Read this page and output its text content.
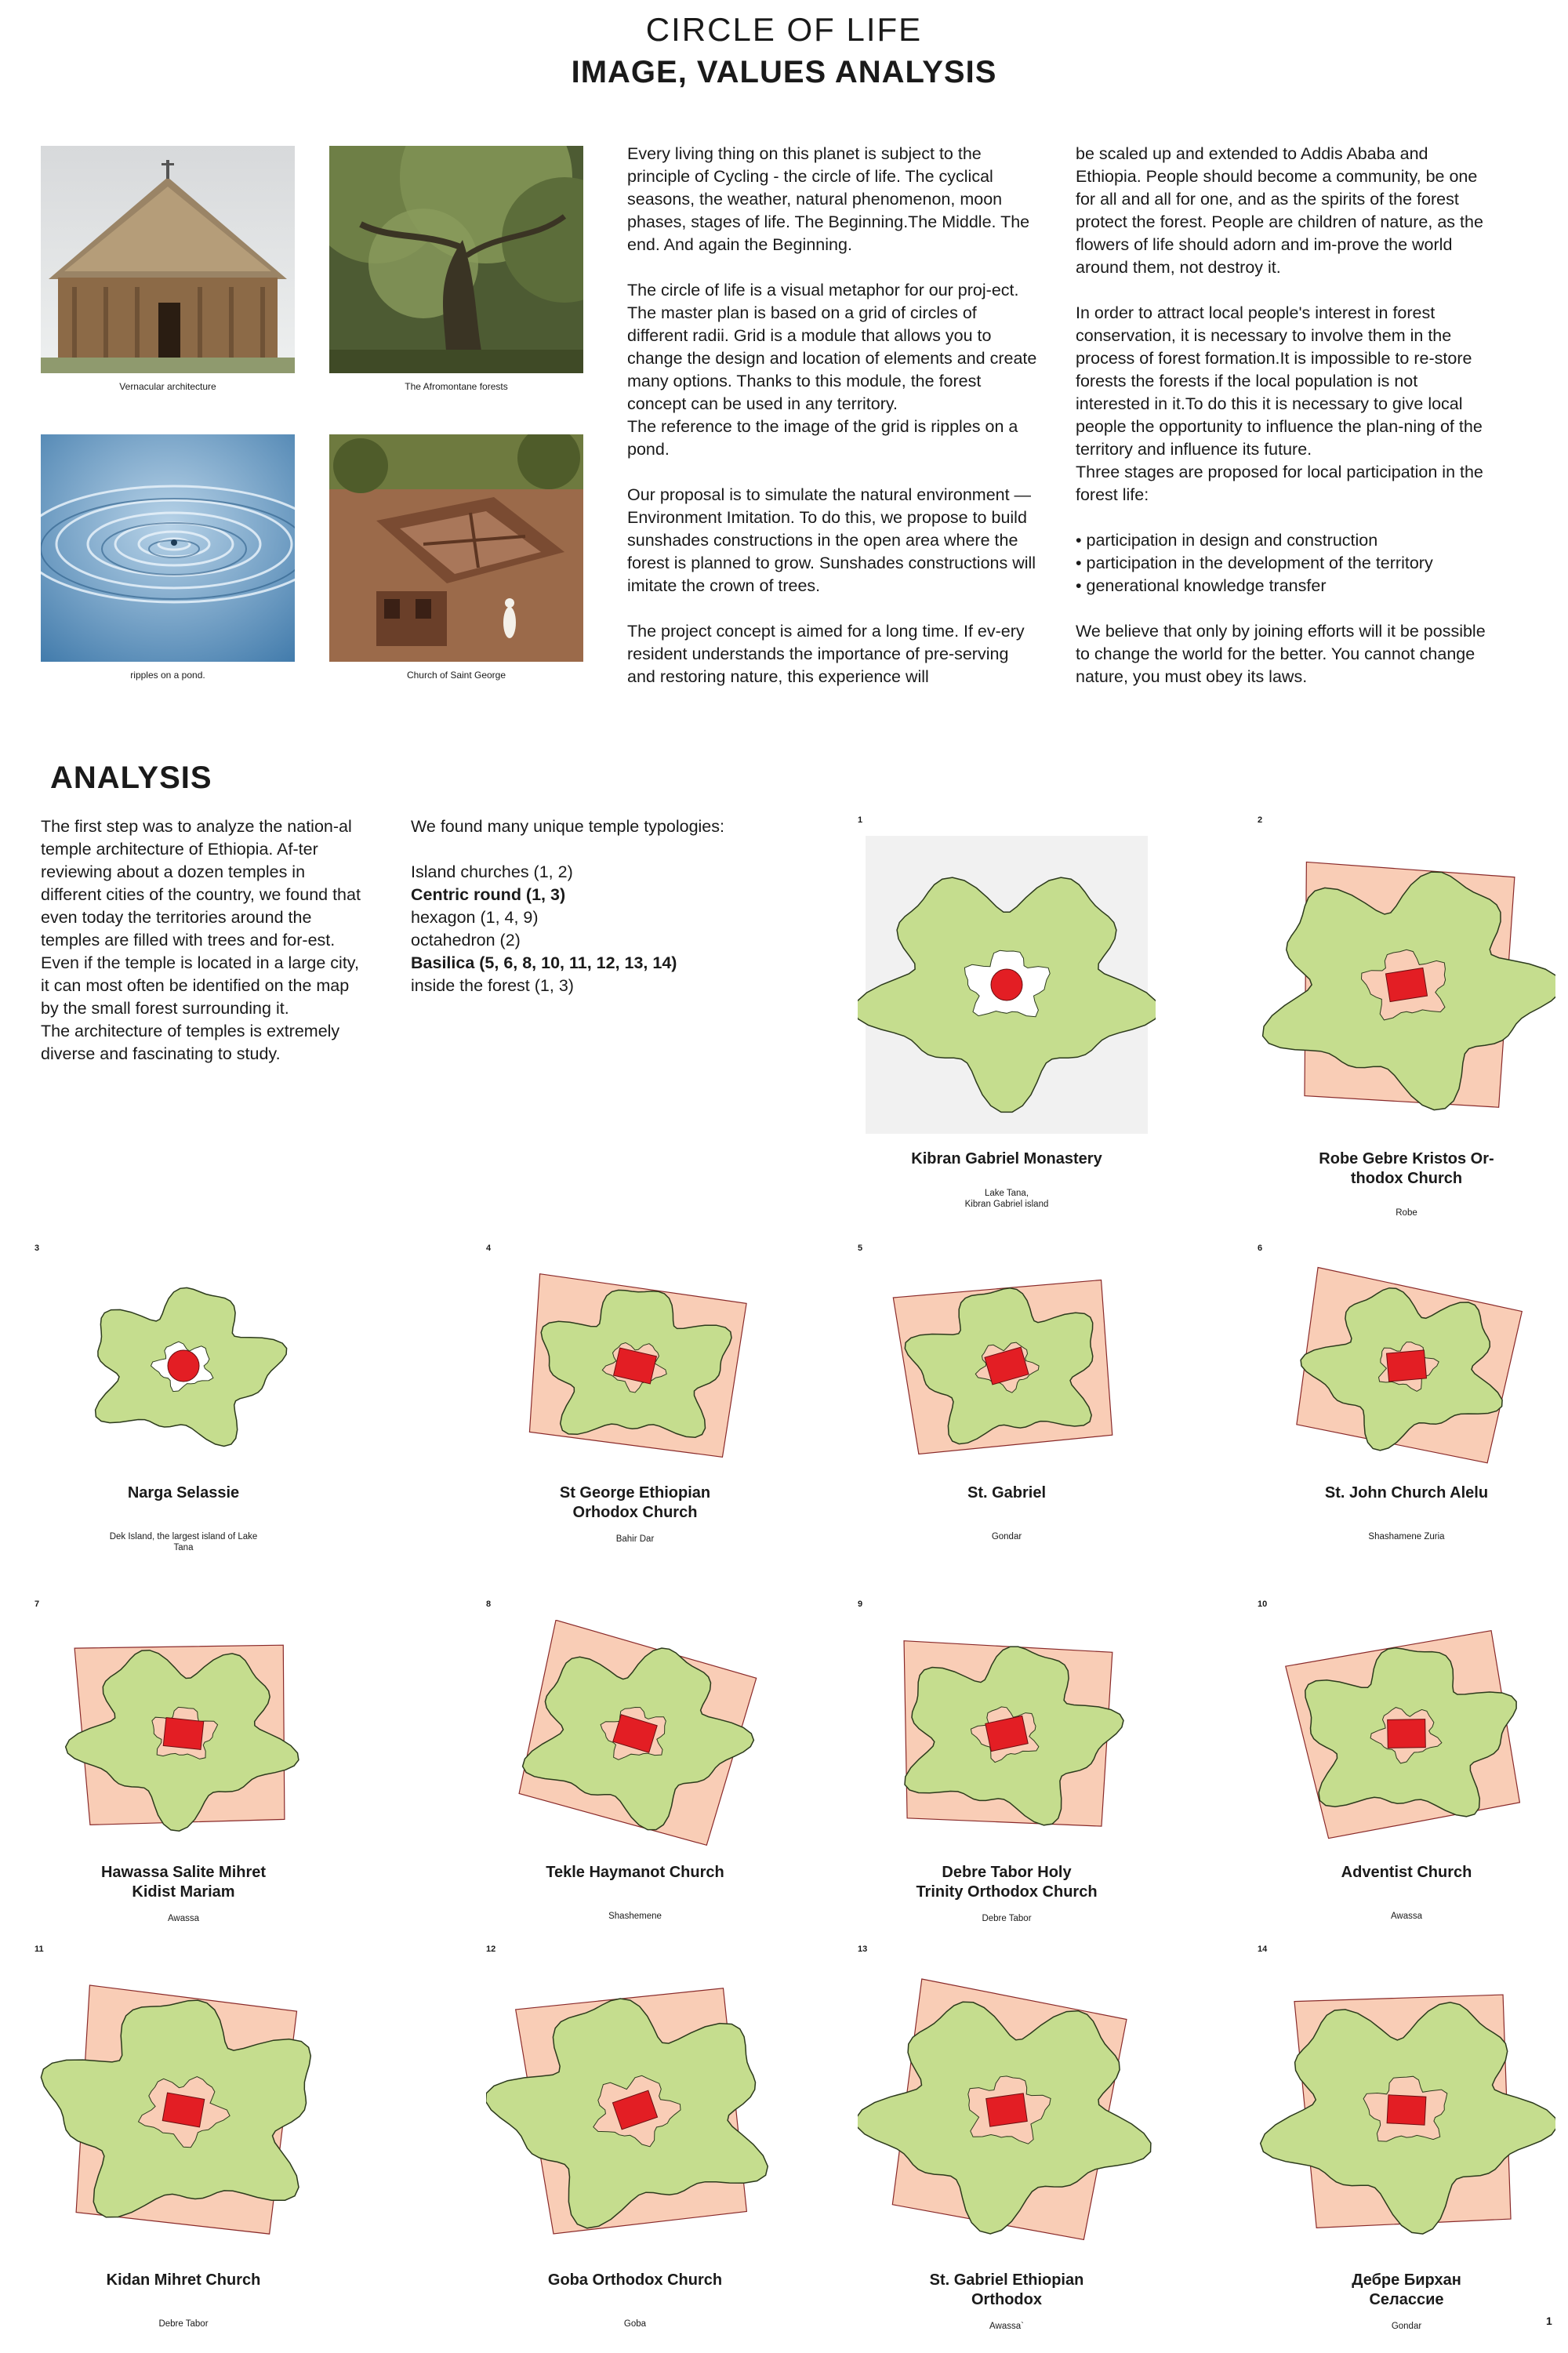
CIRCLE OF LIFE
IMAGE, VALUES ANALYSIS
Vernacular architecture	The Afromontane forests
ripples on a pond.	Church of Saint George
Every living thing on this planet is subject to the principle of Cycling - the circle of life. The cyclical seasons, the weather, natural phenomenon, moon phases, stages of life. The Beginning.The Middle. The end. And again the Beginning.

The circle of life is a visual metaphor for our proj-ect. The master plan is based on a grid of circles of different radii. Grid is a module that allows you to change the design and location of elements and create many options. Thanks to this module, the forest concept can be used in any territory.
The reference to the image of the grid is ripples on a pond.

Our proposal is to simulate the natural environment — Environment Imitation. To do this, we propose to build sunshades constructions in the open area where the forest is planned to grow. Sunshades constructions will imitate the crown of trees.

The project concept is aimed for a long time. If ev-ery resident understands the importance of pre-serving and restoring nature, this experience will
be scaled up and extended to Addis Ababa and Ethiopia. People should become a community, be one for all and all for one, and as the spirits of the forest protect the forest. People are children of nature, as the flowers of life should adorn and im-prove the world around them, not destroy it.

In order to attract local people's interest in forest conservation, it is necessary to involve them in the process of forest formation.It is impossible to re-store forests the forests if the local population is not interested in it.To do this it is necessary to give local people the opportunity to influence the plan-ning of the territory and influence its future.
Three stages are proposed for local participation in the forest life:

• participation in design and construction
• participation in the development of the territory
• generational knowledge transfer

We believe that only by joining efforts will it be possible to change the world for the better. You cannot change nature, you must obey its laws.
ANALYSIS
The first step was to analyze the nation-al temple architecture of Ethiopia. Af-ter reviewing about a dozen temples in different cities of the country, we found that even today the territories around the temples are filled with trees and for-est.
Even if the temple is located in a large city, it can most often be identified on the map by the small forest surrounding it.
The architecture of temples is extremely diverse and fascinating to study.
We found many unique temple typologies:
Island churches (1, 2)
Centric round (1, 3)
hexagon (1, 4, 9)
octahedron (2)
Basilica (5, 6, 8, 10, 11, 12, 13, 14)
inside the forest (1, 3)
1
Kibran Gabriel Monastery
Lake Tana,
Kibran Gabriel island
2
Robe Gebre Kristos Or-
thodox Church
Robe
3
Narga Selassie
Dek Island, the largest island of Lake
Tana
4
St George Ethiopian
Orhodox Church
Bahir Dar
5
St. Gabriel
Gondar
6
St. John Church Alelu
Shashamene Zuria
7
Hawassa Salite Mihret
Kidist Mariam
Awassa
8
Tekle Haymanot Church
Shashemene
9
Debre Tabor Holy
Trinity Orthodox Church
Debre Tabor
10
Adventist Church
Awassa
11
Kidan Mihret Church
Debre Tabor
12
Goba Orthodox Church
Goba
13
St. Gabriel Ethiopian
Orthodox
Awassa`
14
Дебре Бирхан
Селассие
Gondar	1
